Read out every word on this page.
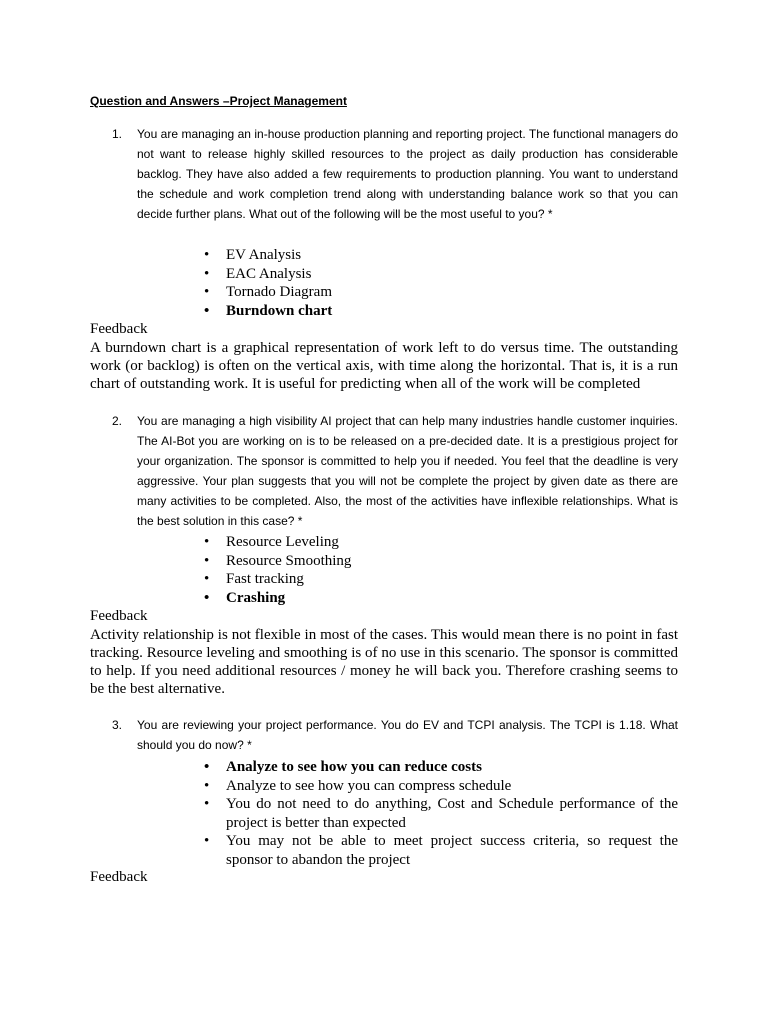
Question and Answers –Project Management
1. You are managing an in-house production planning and reporting project. The functional managers do not want to release highly skilled resources to the project as daily production has considerable backlog. They have also added a few requirements to production planning. You want to understand the schedule and work completion trend along with understanding balance work so that you can decide further plans. What out of the following will be the most useful to you? *
• EV Analysis
• EAC Analysis
• Tornado Diagram
• Burndown chart
Feedback
A burndown chart is a graphical representation of work left to do versus time. The outstanding work (or backlog) is often on the vertical axis, with time along the horizontal. That is, it is a run chart of outstanding work. It is useful for predicting when all of the work will be completed
2. You are managing a high visibility AI project that can help many industries handle customer inquiries. The AI-Bot you are working on is to be released on a pre-decided date. It is a prestigious project for your organization. The sponsor is committed to help you if needed. You feel that the deadline is very aggressive. Your plan suggests that you will not be complete the project by given date as there are many activities to be completed. Also, the most of the activities have inflexible relationships. What is the best solution in this case? *
• Resource Leveling
• Resource Smoothing
• Fast tracking
• Crashing
Feedback
Activity relationship is not flexible in most of the cases. This would mean there is no point in fast tracking. Resource leveling and smoothing is of no use in this scenario. The sponsor is committed to help. If you need additional resources / money he will back you. Therefore crashing seems to be the best alternative.
3. You are reviewing your project performance. You do EV and TCPI analysis. The TCPI is 1.18. What should you do now? *
• Analyze to see how you can reduce costs
• Analyze to see how you can compress schedule
• You do not need to do anything, Cost and Schedule performance of the project is better than expected
• You may not be able to meet project success criteria, so request the sponsor to abandon the project
Feedback
